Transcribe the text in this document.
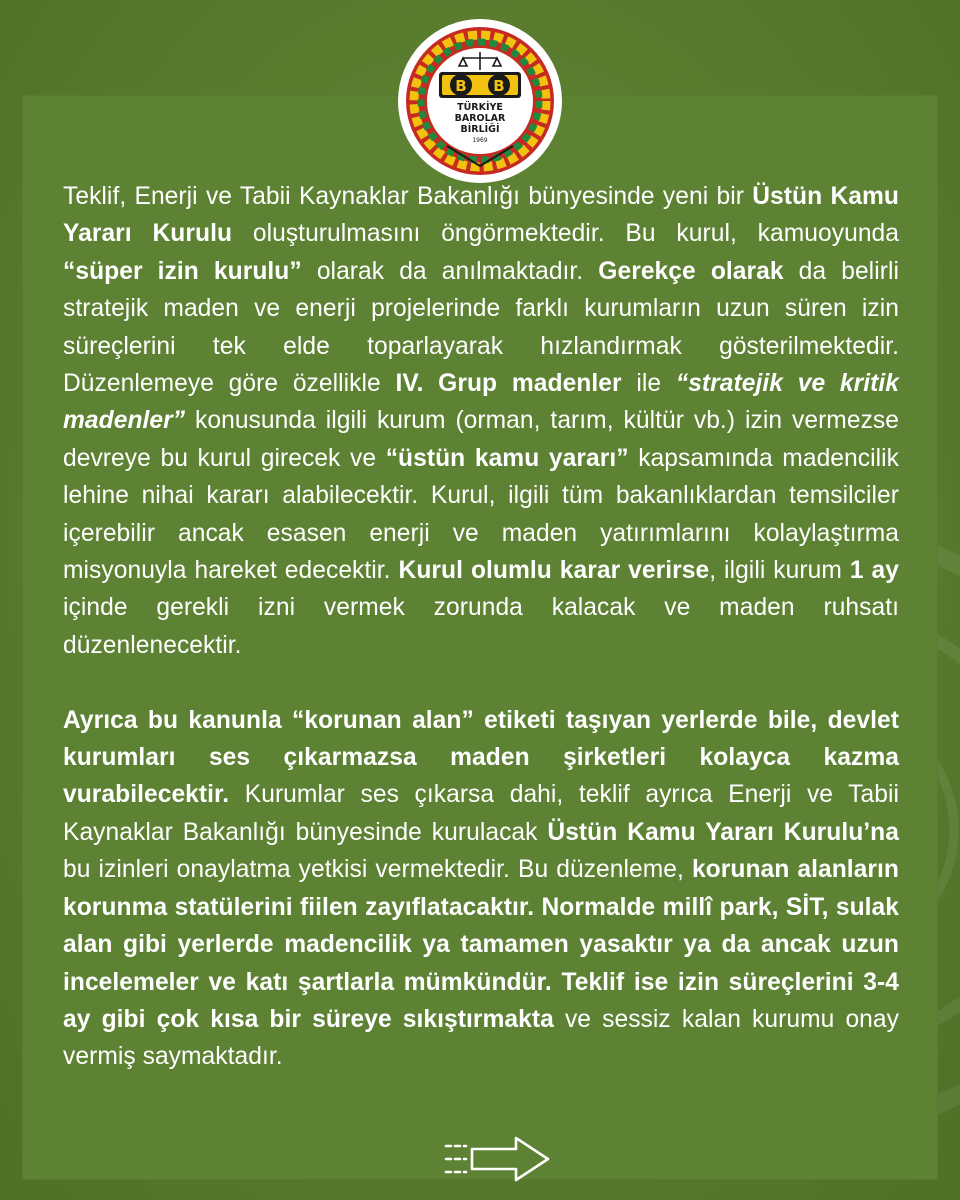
B B
TÜRKİYE
BAROLAR
BİRLİĞİ
1969

Teklif, Enerji ve Tabii Kaynaklar Bakanlığı bünyesinde yeni bir Üstün Kamu Yararı Kurulu oluşturulmasını öngörmektedir. Bu kurul, kamuoyunda “süper izin kurulu” olarak da anılmaktadır. Gerekçe olarak da belirli stratejik maden ve enerji projelerinde farklı kurumların uzun süren izin süreçlerini tek elde toparlayarak hızlandırmak gösterilmektedir. Düzenlemeye göre özellikle IV. Grup madenler ile “stratejik ve kritik madenler” konusunda ilgili kurum (orman, tarım, kültür vb.) izin vermezse devreye bu kurul girecek ve “üstün kamu yararı” kapsamında madencilik lehine nihai kararı alabilecektir. Kurul, ilgili tüm bakanlıklardan temsilciler içerebilir ancak esasen enerji ve maden yatırımlarını kolaylaştırma misyonuyla hareket edecektir. Kurul olumlu karar verirse, ilgili kurum 1 ay içinde gerekli izni vermek zorunda kalacak ve maden ruhsatı düzenlenecektir.

Ayrıca bu kanunla “korunan alan” etiketi taşıyan yerlerde bile, devlet kurumları ses çıkarmazsa maden şirketleri kolayca kazma vurabilecektir. Kurumlar ses çıkarsa dahi, teklif ayrıca Enerji ve Tabii Kaynaklar Bakanlığı bünyesinde kurulacak Üstün Kamu Yararı Kurulu’na bu izinleri onaylatma yetkisi vermektedir. Bu düzenleme, korunan alanların korunma statülerini fiilen zayıflatacaktır. Normalde millî park, SİT, sulak alan gibi yerlerde madencilik ya tamamen yasaktır ya da ancak uzun incelemeler ve katı şartlarla mümkündür. Teklif ise izin süreçlerini 3-4 ay gibi çok kısa bir süreye sıkıştırmakta ve sessiz kalan kurumu onay vermiş saymaktadır.
